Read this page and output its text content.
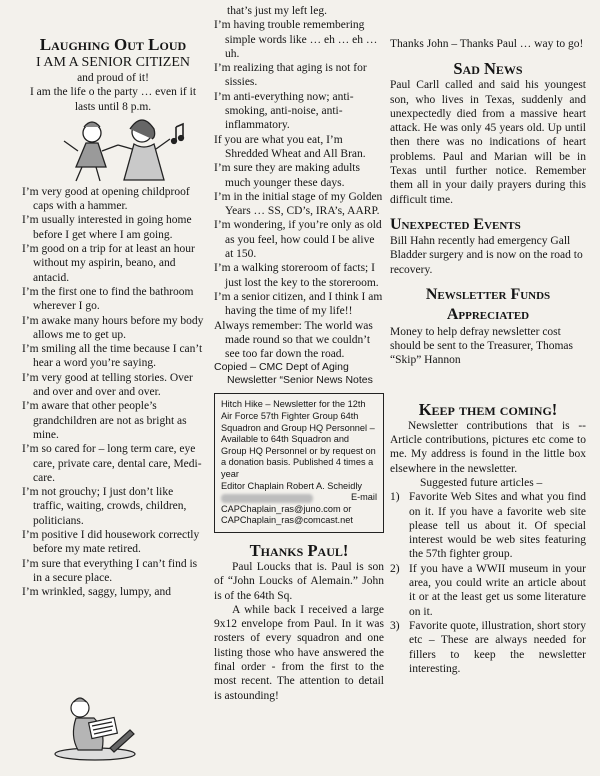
Laughing Out Loud

I AM A SENIOR CITIZEN

and proud of it!

I am the life o the party … even if it lasts until 8 p.m.

I’m very good at opening childproof caps with a hammer.

I’m usually interested in going home before I get where I am going.

I’m good on a trip for at least an hour without my aspirin, beano, and antacid.

I’m the first one to find the bathroom wherever I go.

I’m awake many hours before my body allows me to get up.

I’m smiling all the time because I can’t hear a word you’re saying.

I’m very good at telling stories. Over and over and over and over.

I’m aware that other people’s grandchildren are not as bright as mine.

I’m so cared for – long term care, eye care, private care, dental care, Medi-care.

I’m not grouchy; I just don’t like traffic, waiting, crowds, children, politicians.

I’m positive I did housework correctly before my mate retired.

I’m sure that everything I can’t find is in a secure place.

I’m wrinkled, saggy, lumpy, and

that’s just my left leg.

I’m having trouble remembering simple words like … eh … eh … uh.

I’m realizing that aging is not for sissies.

I’m anti-everything now; anti-smoking, anti-noise, anti-inflammatory.

If you are what you eat, I’m Shredded Wheat and All Bran.

I’m sure they are making adults much younger these days.

I’m in the initial stage of my Golden Years … SS, CD’s, IRA’s, AARP.

I’m wondering, if you’re only as old as you feel, how could I be alive at 150.

I’m a walking storeroom of facts; I just lost the key to the storeroom.

I’m a senior citizen, and I think I am having the time of my life!!

Always remember: The world was made round so that we couldn’t see too far down the road.

Copied – CMC Dept of Aging Newsletter “Senior News Notes

Hitch Hike – Newsletter for the 12th Air Force 57th Fighter Group 64th Squadron and Group HQ Personnel – Available to 64th Squadron and Group HQ Personnel or by request on a donation basis. Published 4 times a year

Editor Chaplain Robert A. Scheidly

E-mail

CAPChaplain_ras@juno.com or

CAPChaplain_ras@comcast.net

Thanks Paul!

Paul Loucks that is. Paul is son of “John Loucks of Alemain.” John is of the 64th Sq.

A while back I received a large 9x12 envelope from Paul. In it was rosters of every squadron and one listing those who have answered the final order - from the first to the most recent. The attention to detail is astounding!

Thanks John – Thanks Paul … way to go!

Sad News

Paul Carll called and said his youngest son, who lives in Texas, suddenly and unexpectedly died from a massive heart attack. He was only 45 years old. Up until then there was no indications of heart problems. Paul and Marian will be in Texas until further notice. Remember them all in your daily prayers during this difficult time.

Unexpected Events

Bill Hahn recently had emergency Gall Bladder surgery and is now on the road to recovery.

Newsletter Funds Appreciated

Money to help defray newsletter cost should be sent to the Treasurer, Thomas “Skip” Hannon

Keep them coming!

Newsletter contributions that is -- Article contributions, pictures etc come to me. My address is found in the little box elsewhere in the newsletter.

Suggested future articles –

1) Favorite Web Sites and what you find on it. If you have a favorite web site please tell us about it. Of special interest would be web sites featuring the 57th fighter group.
2) If you have a WWII museum in your area, you could write an article about it or at the least get us some literature on it.
3) Favorite quote, illustration, short story etc – These are always needed for fillers to keep the newsletter interesting.
